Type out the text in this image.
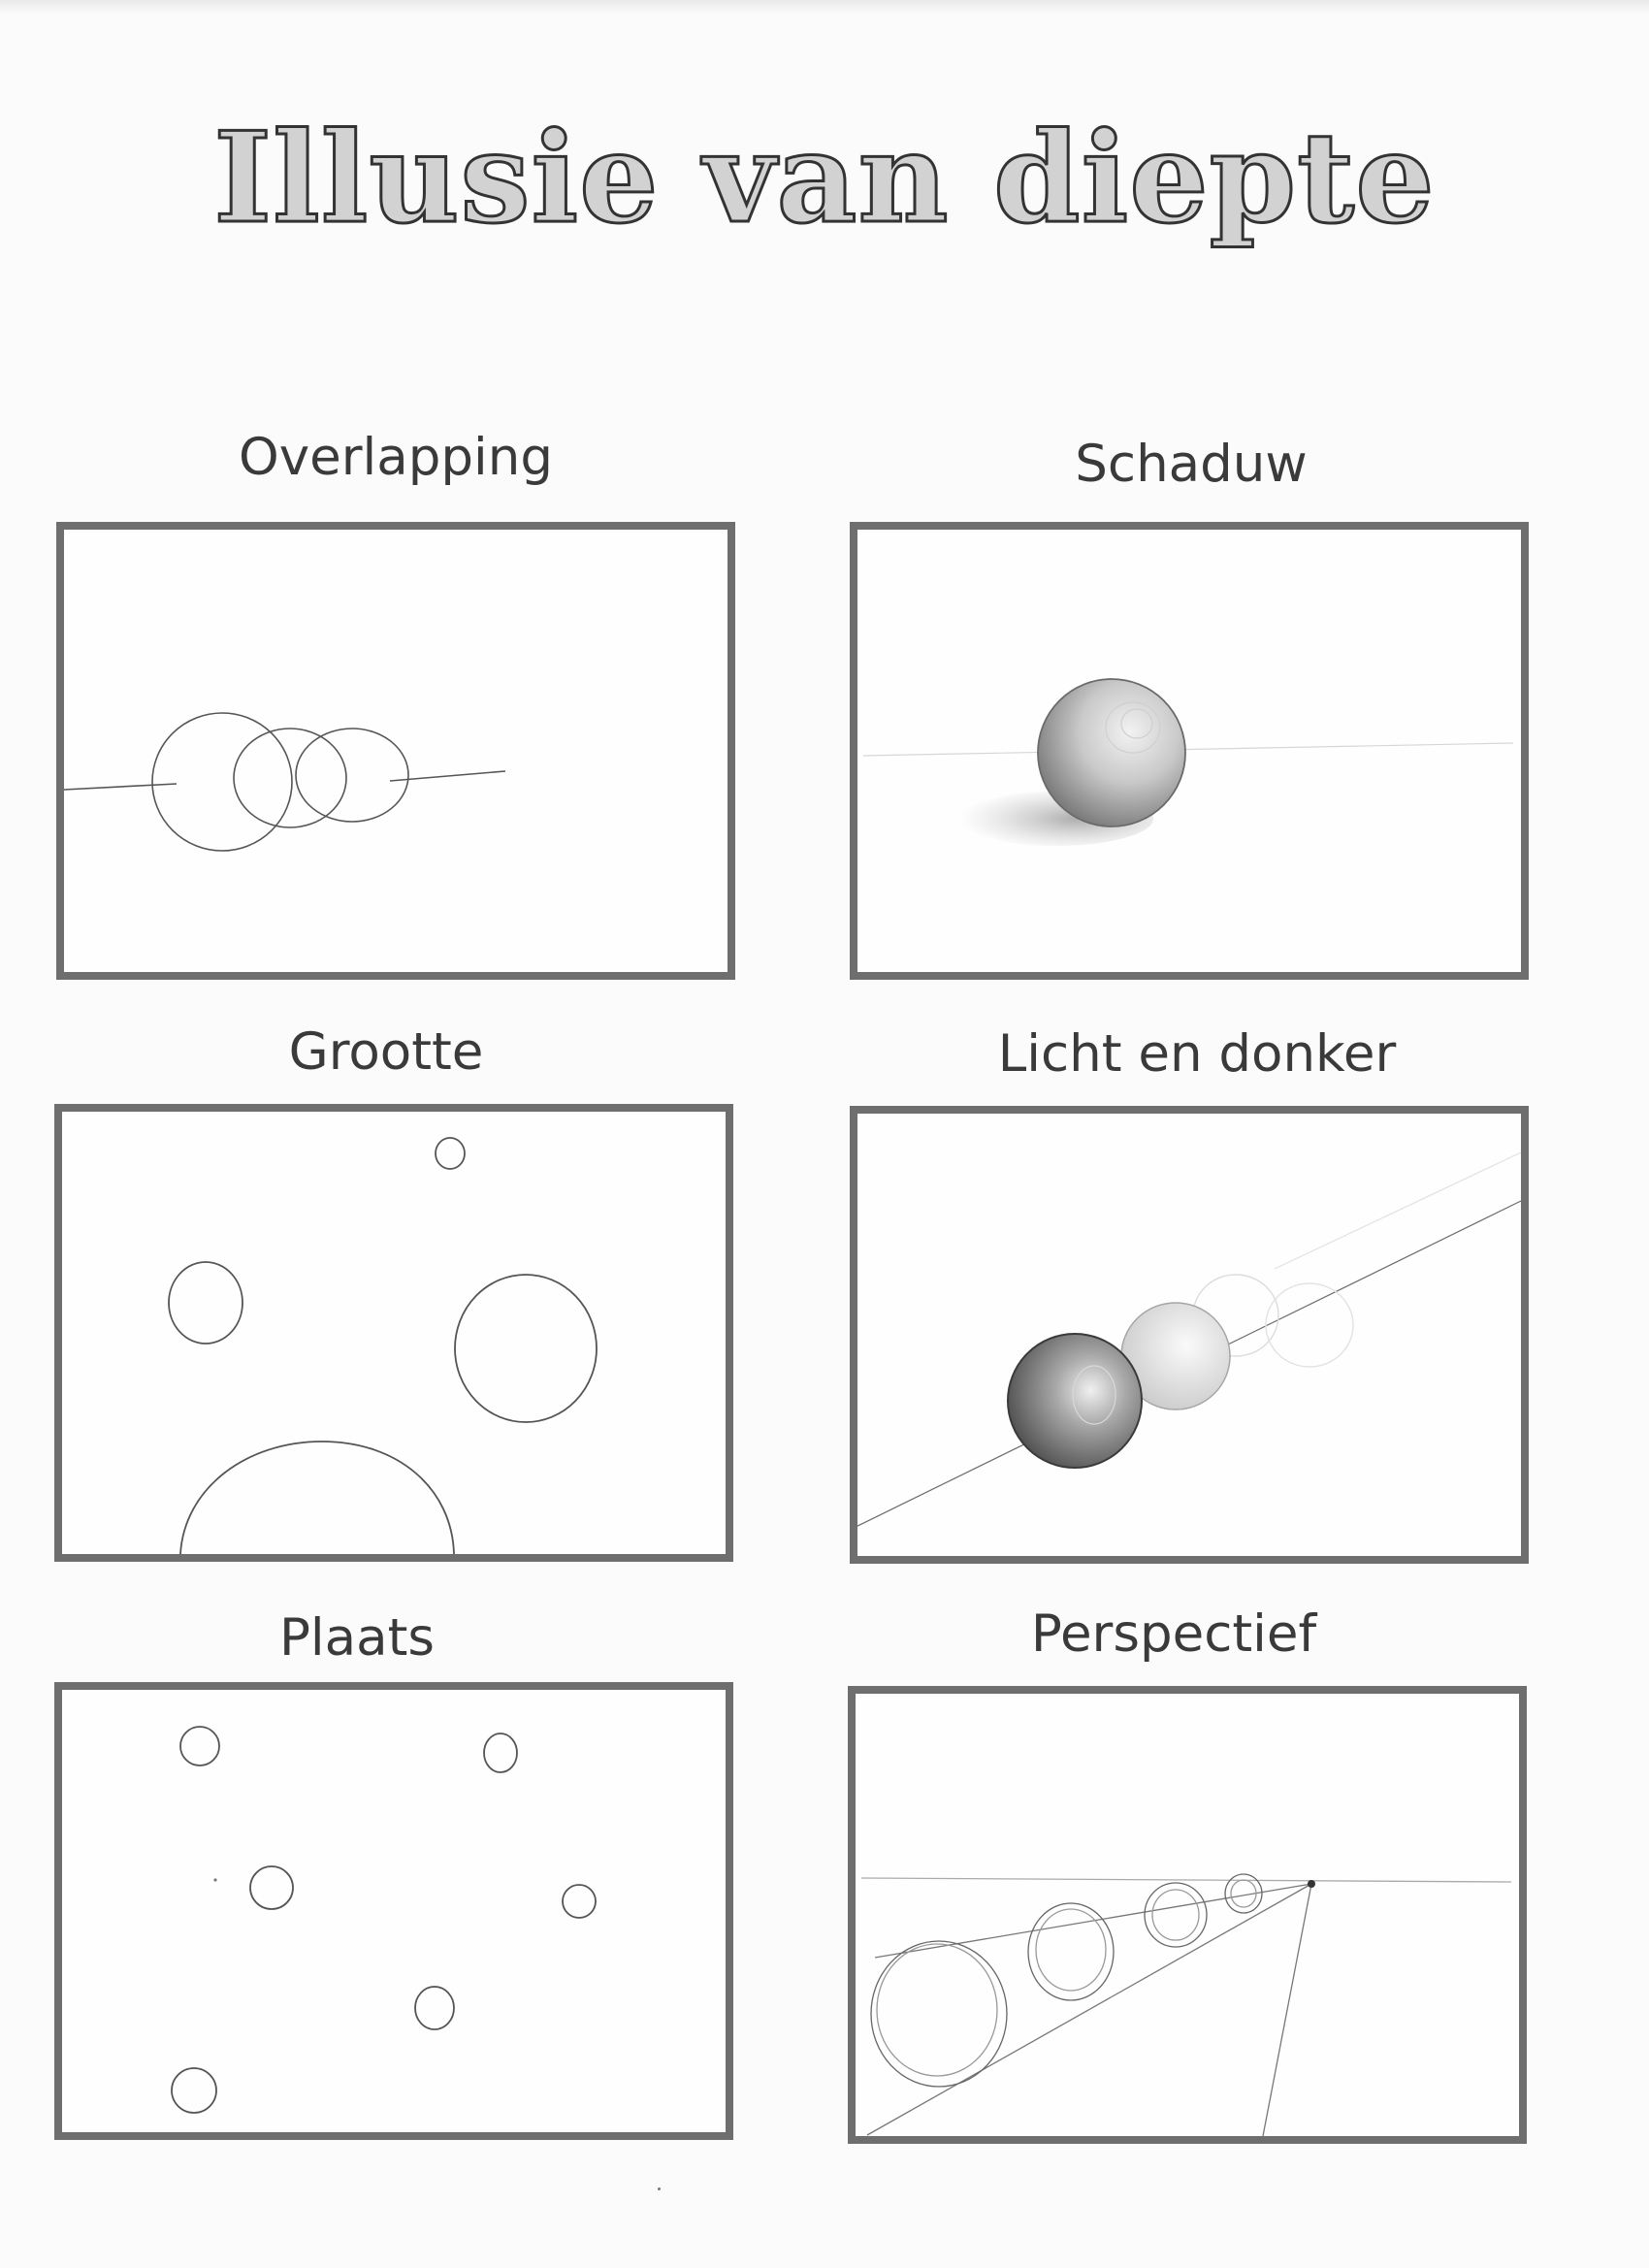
Illusie van diepte
Overlapping	Schaduw
Grootte	Licht en donker
Plaats	Perspectief
